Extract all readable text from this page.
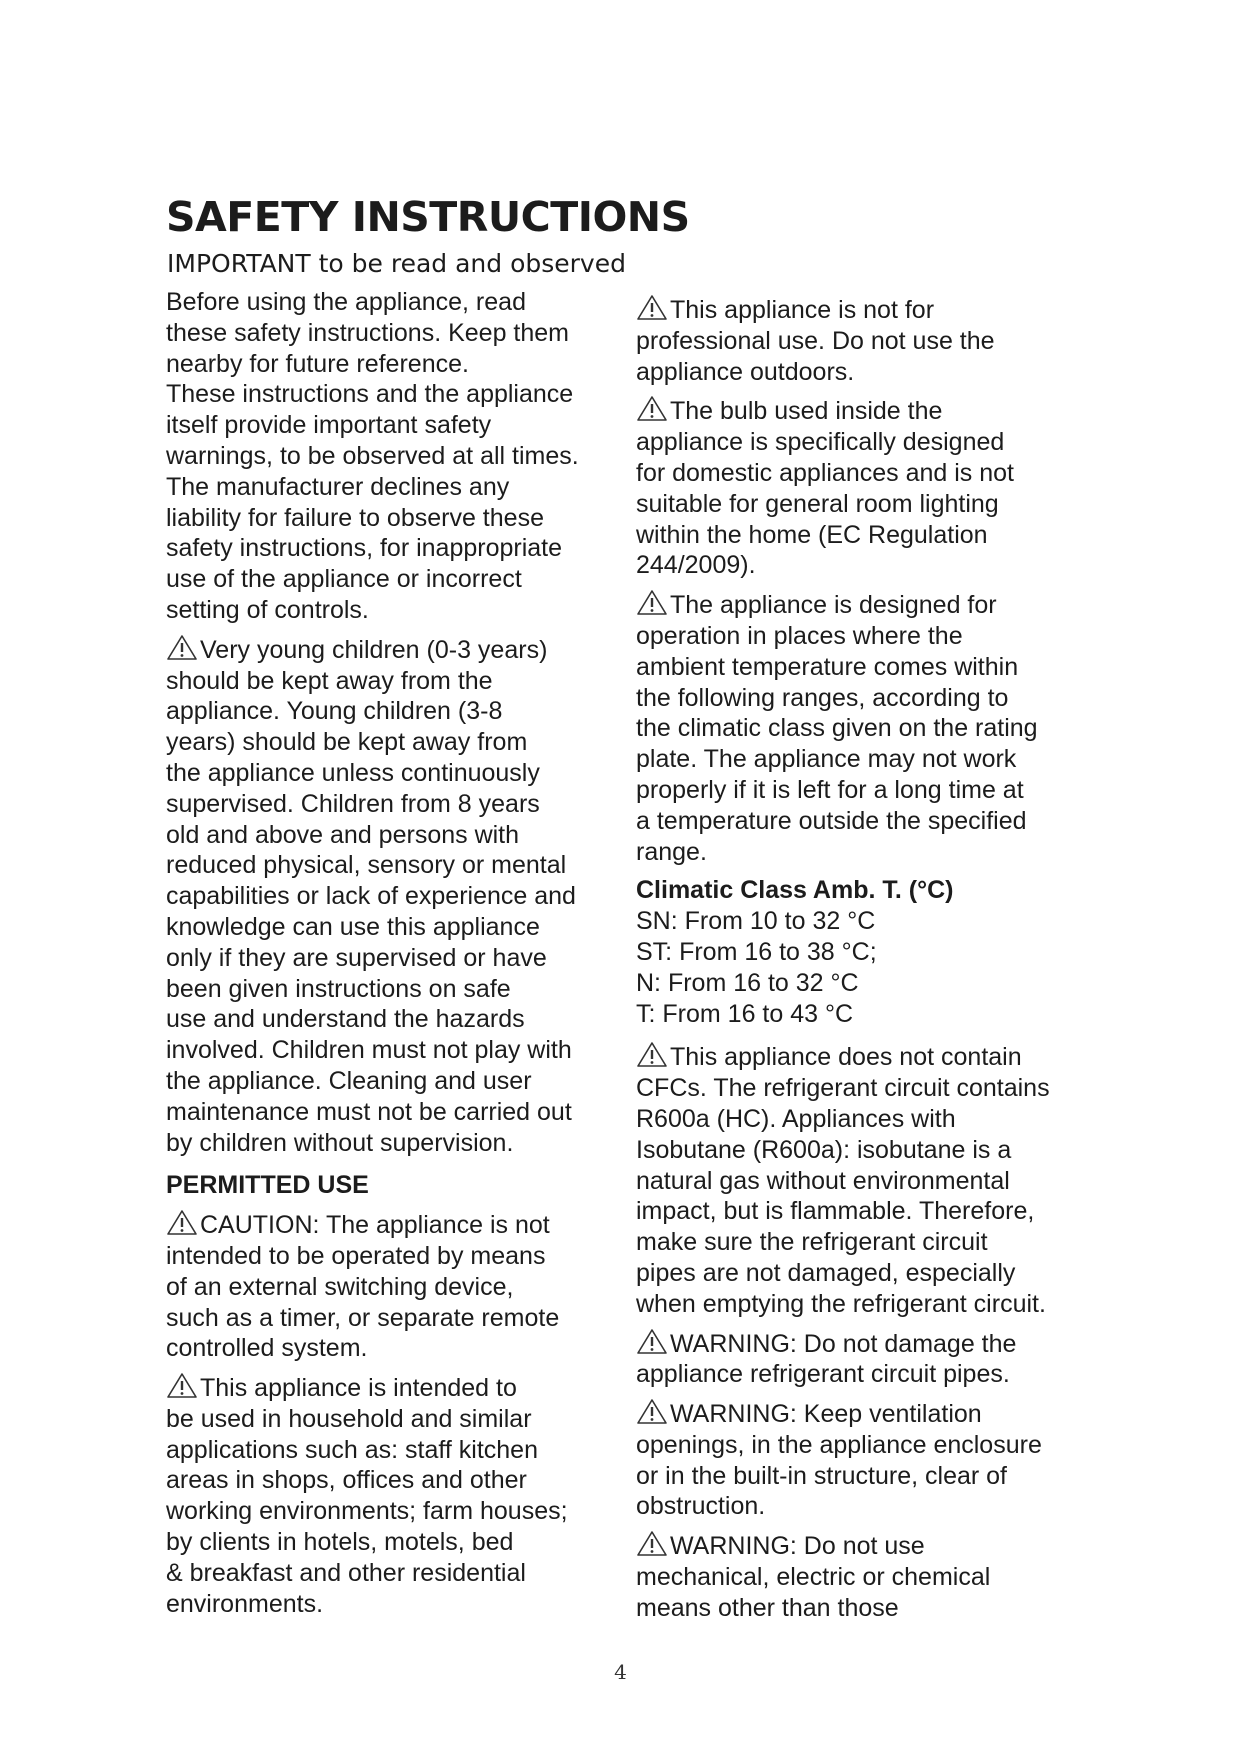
SAFETY INSTRUCTIONS
IMPORTANT to be read and observed

Before using the appliance, read
these safety instructions. Keep them
nearby for future reference.

These instructions and the appliance
itself provide important safety
warnings, to be observed at all times.
The manufacturer declines any
liability for failure to observe these
safety instructions, for inappropriate
use of the appliance or incorrect
setting of controls.

Very young children (0-3 years)
should be kept away from the
appliance. Young children (3-8
years) should be kept away from
the appliance unless continuously
supervised. Children from 8 years
old and above and persons with
reduced physical, sensory or mental
capabilities or lack of experience and
knowledge can use this appliance
only if they are supervised or have
been given instructions on safe
use and understand the hazards
involved. Children must not play with
the appliance. Cleaning and user
maintenance must not be carried out
by children without supervision.

PERMITTED USE

CAUTION: The appliance is not
intended to be operated by means
of an external switching device,
such as a timer, or separate remote
controlled system.

This appliance is intended to
be used in household and similar
applications such as: staff kitchen
areas in shops, offices and other
working environments; farm houses;
by clients in hotels, motels, bed
& breakfast and other residential
environments.

This appliance is not for
professional use. Do not use the
appliance outdoors.

The bulb used inside the
appliance is specifically designed
for domestic appliances and is not
suitable for general room lighting
within the home (EC Regulation
244/2009).

The appliance is designed for
operation in places where the
ambient temperature comes within
the following ranges, according to
the climatic class given on the rating
plate. The appliance may not work
properly if it is left for a long time at
a temperature outside the specified
range.

Climatic Class Amb. T. (°C)

SN: From 10 to 32 °C

ST: From 16 to 38 °C;

N: From 16 to 32 °C

T: From 16 to 43 °C

This appliance does not contain
CFCs. The refrigerant circuit contains
R600a (HC). Appliances with
Isobutane (R600a): isobutane is a
natural gas without environmental
impact, but is flammable. Therefore,
make sure the refrigerant circuit
pipes are not damaged, especially
when emptying the refrigerant circuit.

WARNING: Do not damage the
appliance refrigerant circuit pipes.

WARNING: Keep ventilation
openings, in the appliance enclosure
or in the built-in structure, clear of
obstruction.

WARNING: Do not use
mechanical, electric or chemical
means other than those

4
